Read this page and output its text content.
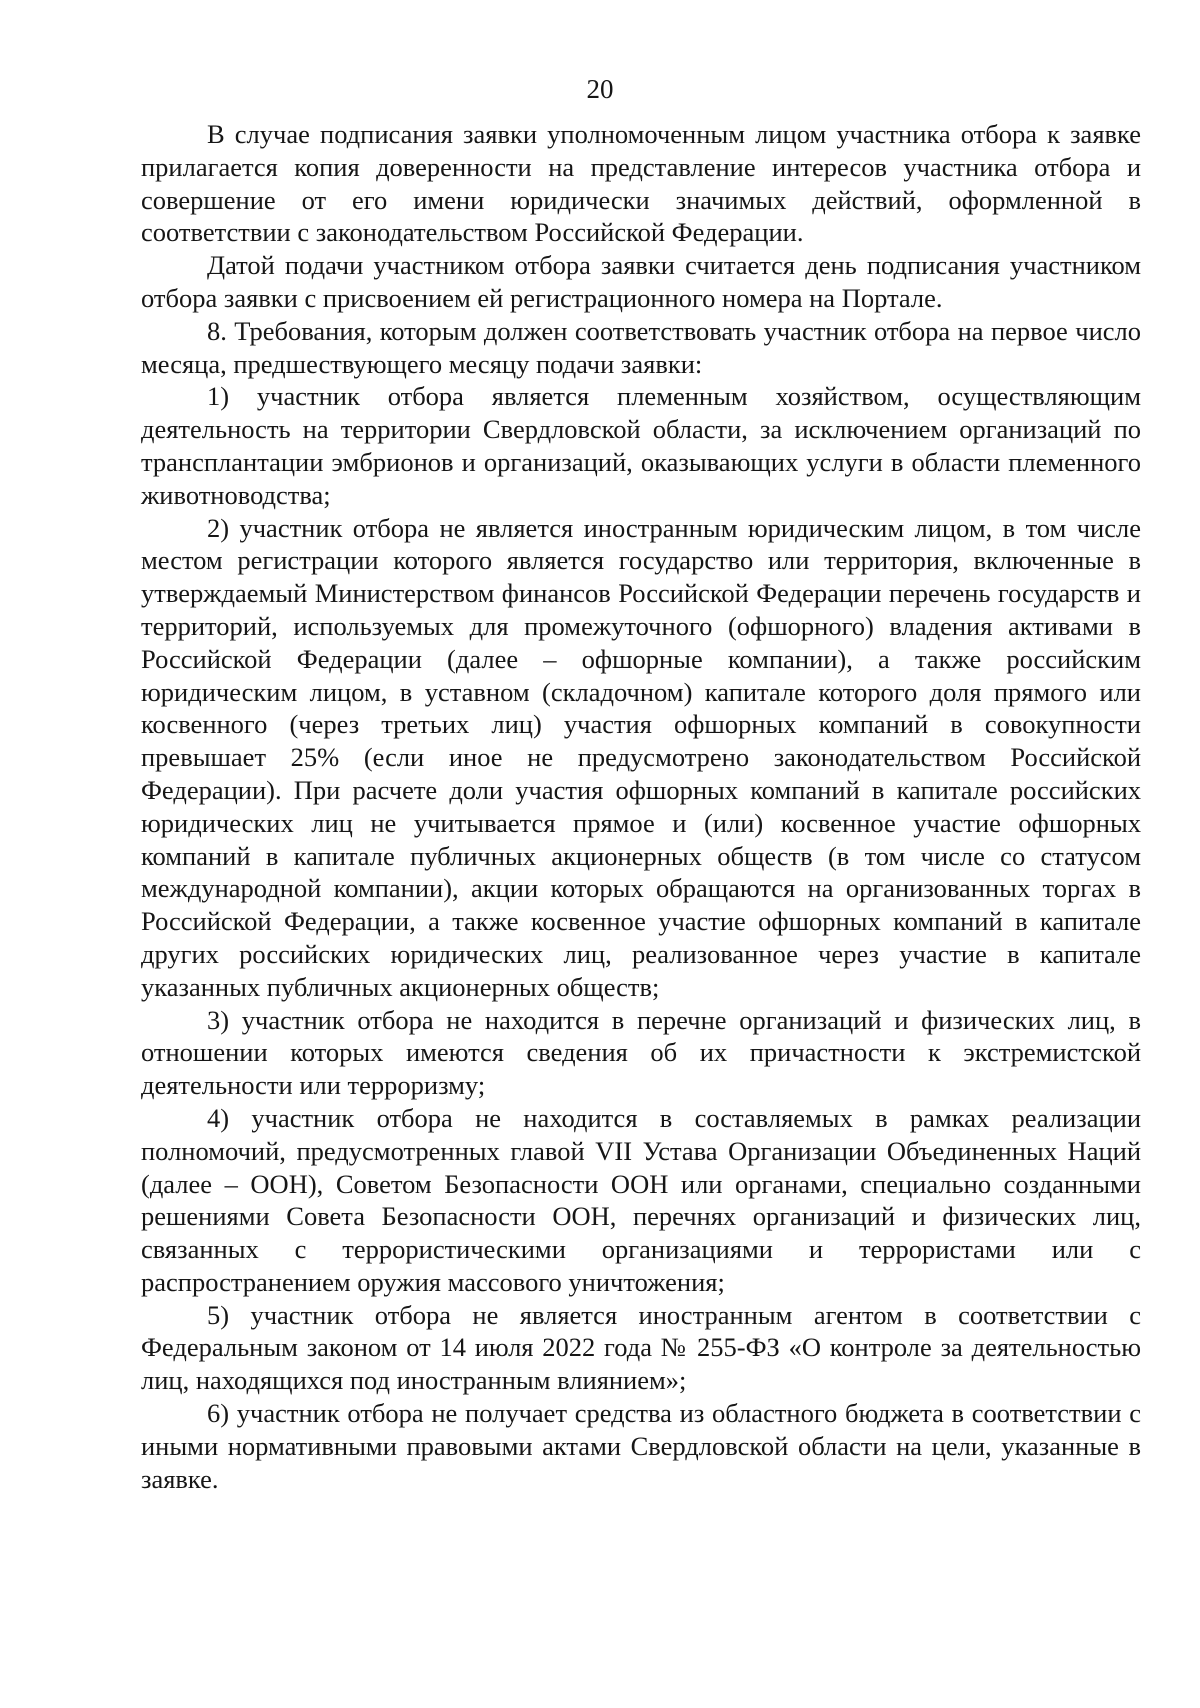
20

В случае подписания заявки уполномоченным лицом участника отбора к заявке прилагается копия доверенности на представление интересов участника отбора и совершение от его имени юридически значимых действий, оформленной в соответствии с законодательством Российской Федерации.

Датой подачи участником отбора заявки считается день подписания участником отбора заявки с присвоением ей регистрационного номера на Портале.

8. Требования, которым должен соответствовать участник отбора на первое число месяца, предшествующего месяцу подачи заявки:

1) участник отбора является племенным хозяйством, осуществляющим деятельность на территории Свердловской области, за исключением организаций по трансплантации эмбрионов и организаций, оказывающих услуги в области племенного животноводства;

2) участник отбора не является иностранным юридическим лицом, в том числе местом регистрации которого является государство или территория, включенные в утверждаемый Министерством финансов Российской Федерации перечень государств и территорий, используемых для промежуточного (офшорного) владения активами в Российской Федерации (далее – офшорные компании), а также российским юридическим лицом, в уставном (складочном) капитале которого доля прямого или косвенного (через третьих лиц) участия офшорных компаний в совокупности превышает 25% (если иное не предусмотрено законодательством Российской Федерации). При расчете доли участия офшорных компаний в капитале российских юридических лиц не учитывается прямое и (или) косвенное участие офшорных компаний в капитале публичных акционерных обществ (в том числе со статусом международной компании), акции которых обращаются на организованных торгах в Российской Федерации, а также косвенное участие офшорных компаний в капитале других российских юридических лиц, реализованное через участие в капитале указанных публичных акционерных обществ;

3) участник отбора не находится в перечне организаций и физических лиц, в отношении которых имеются сведения об их причастности к экстремистской деятельности или терроризму;

4) участник отбора не находится в составляемых в рамках реализации полномочий, предусмотренных главой VII Устава Организации Объединенных Наций (далее – ООН), Советом Безопасности ООН или органами, специально созданными решениями Совета Безопасности ООН, перечнях организаций и физических лиц, связанных с террористическими организациями и террористами или с распространением оружия массового уничтожения;

5) участник отбора не является иностранным агентом в соответствии с Федеральным законом от 14 июля 2022 года № 255-ФЗ «О контроле за деятельностью лиц, находящихся под иностранным влиянием»;

6) участник отбора не получает средства из областного бюджета в соответствии с иными нормативными правовыми актами Свердловской области на цели, указанные в заявке.
